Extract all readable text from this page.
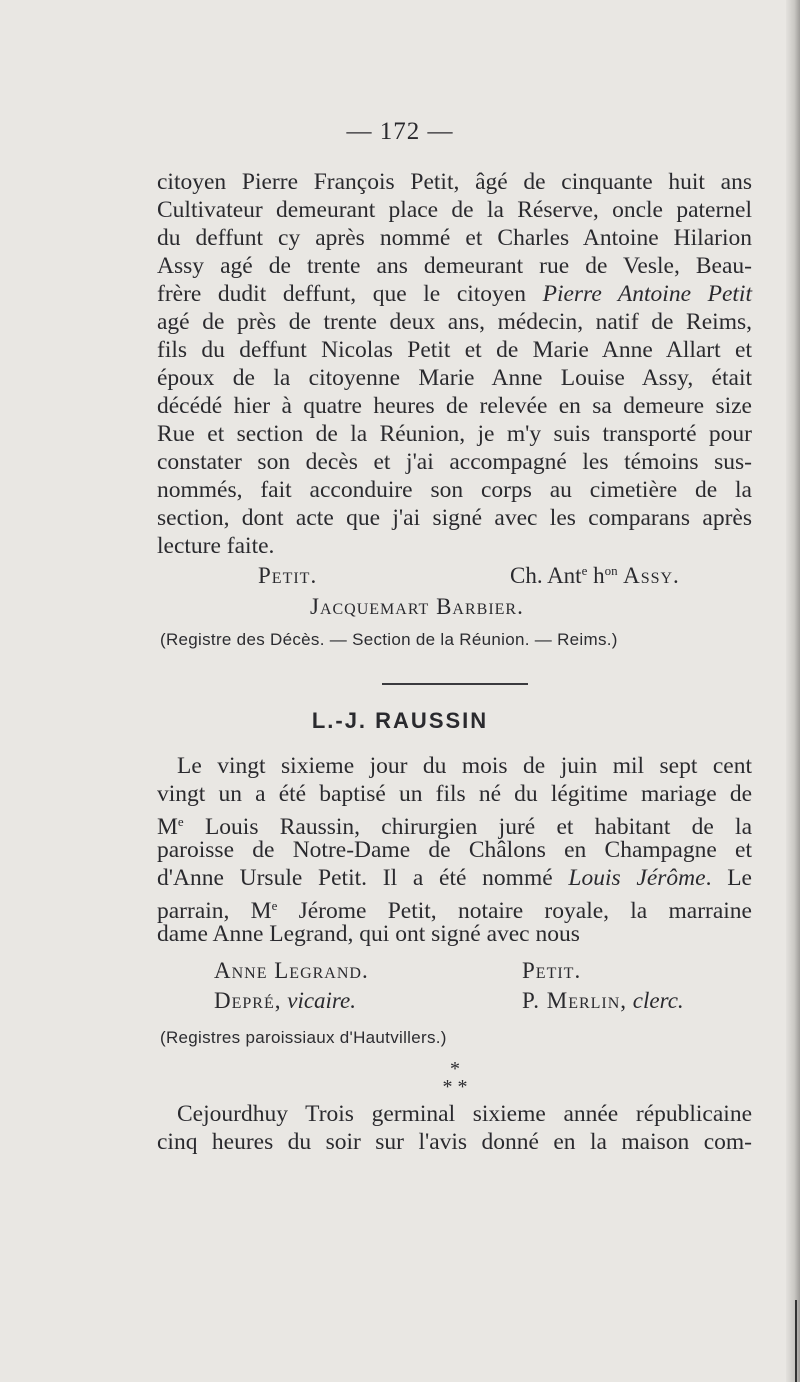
— 172 —
citoyen Pierre François Petit, âgé de cinquante huit ans
Cultivateur demeurant place de la Réserve, oncle paternel
du deffunt cy après nommé et Charles Antoine Hilarion
Assy agé de trente ans demeurant rue de Vesle, Beau-
frère dudit deffunt, que le citoyen Pierre Antoine Petit
agé de près de trente deux ans, médecin, natif de Reims,
fils du deffunt Nicolas Petit et de Marie Anne Allart et
époux de la citoyenne Marie Anne Louise Assy, était
décédé hier à quatre heures de relevée en sa demeure size
Rue et section de la Réunion, je m'y suis transporté pour
constater son decès et j'ai accompagné les témoins sus-
nommés, fait acconduire son corps au cimetière de la
section, dont acte que j'ai signé avec les comparans après
lecture faite.
Petit.	Ch. Ant$^e$ $h^{on}$ Assy.
Jacquemart Barbier.
(Registre des Décès. — Section de la Réunion. — Reims.)
L.-J. RAUSSIN
Le vingt sixieme jour du mois de juin mil sept cent
vingt un a été baptisé un fils né du légitime mariage de
Me Louis Raussin, chirurgien juré et habitant de la
paroisse de Notre-Dame de Châlons en Champagne et
d'Anne Ursule Petit. Il a été nommé Louis Jérôme. Le
parrain, Me Jérome Petit, notaire royale, la marraine
dame Anne Legrand, qui ont signé avec nous
Anne Legrand.	Petit.
Depré, vicaire.	P. Merlin, clerc.
(Registres paroissiaux d'Hautvillers.)
*
* *
Cejourdhuy Trois germinal sixieme année républicaine
cinq heures du soir sur l'avis donné en la maison com-
